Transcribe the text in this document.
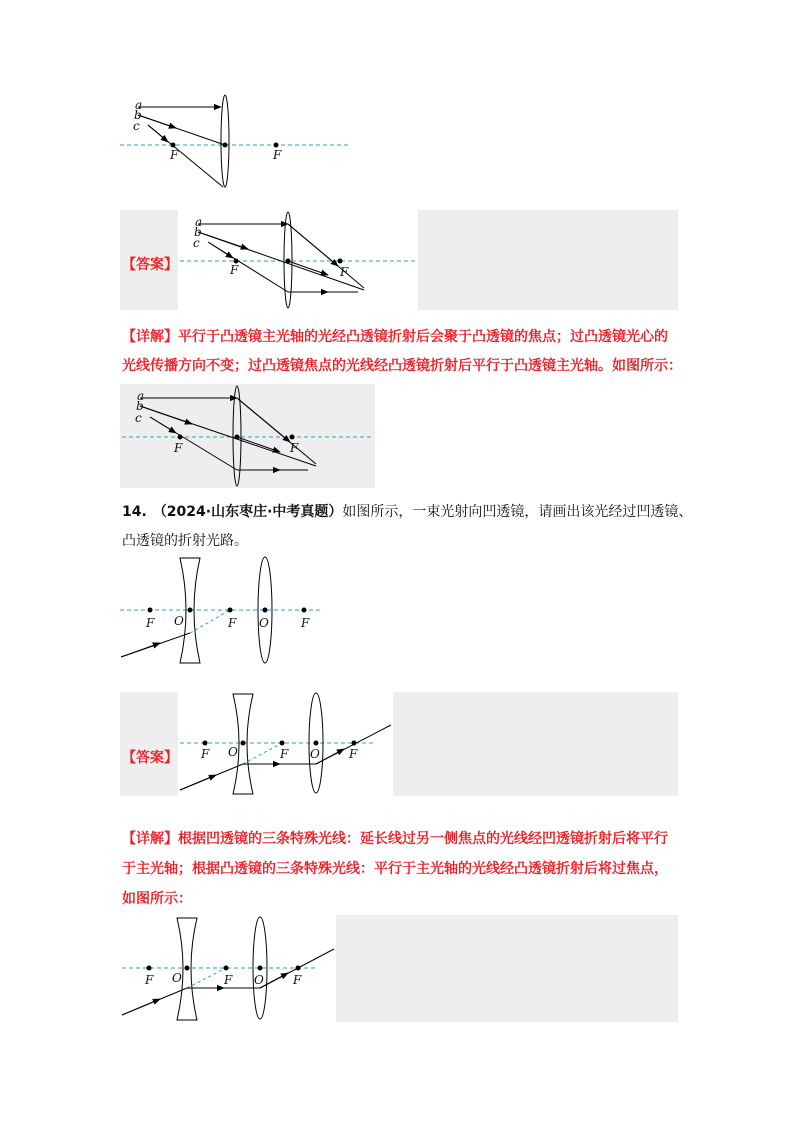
a
b
c
F	F
【答案】
a
b
c
F	F
【详解】平行于凸透镜主光轴的光经凸透镜折射后会聚于凸透镜的焦点；过凸透镜光心的
光线传播方向不变；过凸透镜焦点的光线经凸透镜折射后平行于凸透镜主光轴。如图所示：
a
b
c
F	F
14. （2024·山东枣庄·中考真题）如图所示，一束光射向凹透镜，请画出该光经过凹透镜、
凸透镜的折射光路。
F O	F O	F
【答案】 F O	F O F
【详解】根据凹透镜的三条特殊光线：延长线过另一侧焦点的光线经凹透镜折射后将平行
于主光轴；根据凸透镜的三条特殊光线：平行于主光轴的光线经凸透镜折射后将过焦点，
如图所示：
F O	F O F
